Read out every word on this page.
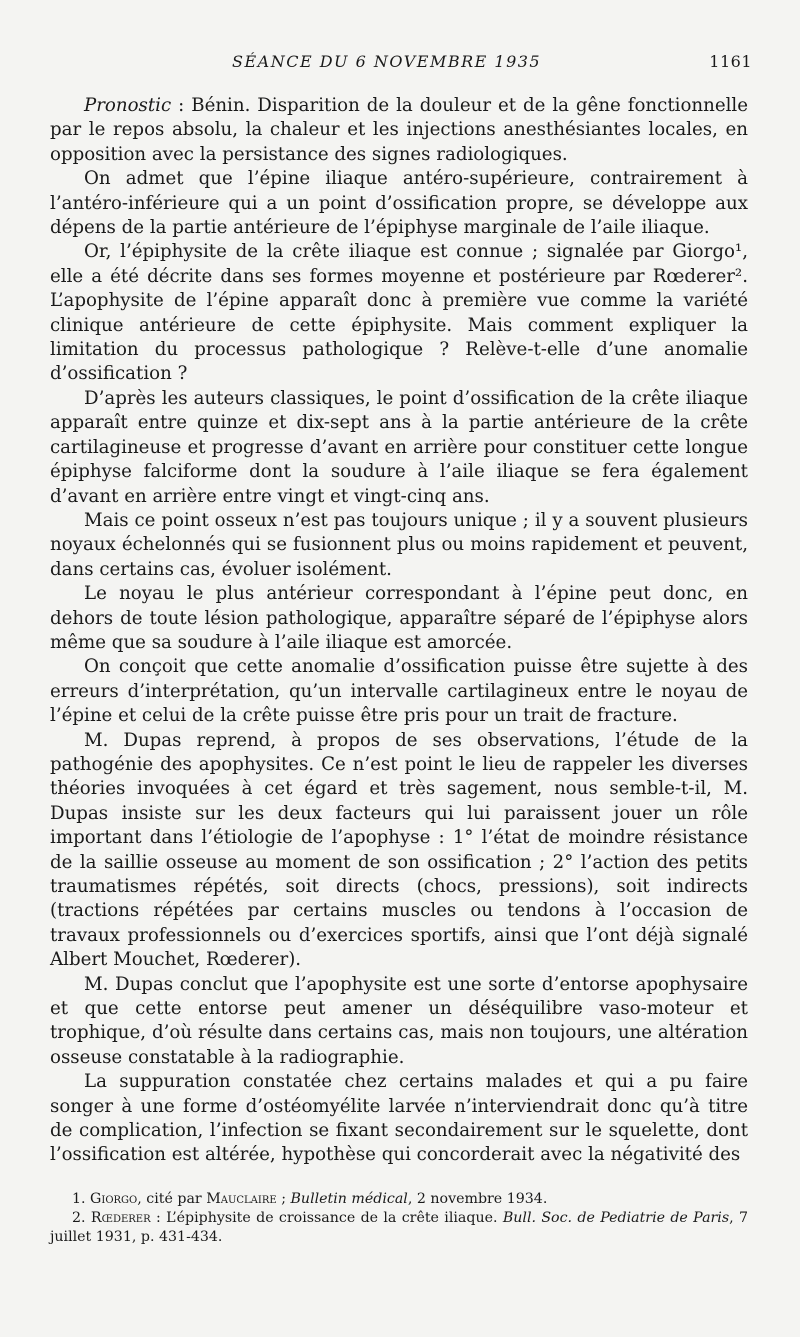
SÉANCE DU 6 NOVEMBRE 1935	1161

Pronostic : Bénin. Disparition de la douleur et de la gêne fonctionnelle par le repos absolu, la chaleur et les injections anesthésiantes locales, en opposition avec la persistance des signes radiologiques.

On admet que l’épine iliaque antéro-supérieure, contrairement à l’antéro-inférieure qui a un point d’ossification propre, se développe aux dépens de la partie antérieure de l’épiphyse marginale de l’aile iliaque.

Or, l’épiphysite de la crête iliaque est connue ; signalée par Giorgo¹, elle a été décrite dans ses formes moyenne et postérieure par Rœderer². L’apophysite de l’épine apparaît donc à première vue comme la variété clinique antérieure de cette épiphysite. Mais comment expliquer la limitation du processus pathologique ? Relève-t-elle d’une anomalie d’ossification ?

D’après les auteurs classiques, le point d’ossification de la crête iliaque apparaît entre quinze et dix-sept ans à la partie antérieure de la crête cartilagineuse et progresse d’avant en arrière pour constituer cette longue épiphyse falciforme dont la soudure à l’aile iliaque se fera également d’avant en arrière entre vingt et vingt-cinq ans.

Mais ce point osseux n’est pas toujours unique ; il y a souvent plusieurs noyaux échelonnés qui se fusionnent plus ou moins rapidement et peuvent, dans certains cas, évoluer isolément.

Le noyau le plus antérieur correspondant à l’épine peut donc, en dehors de toute lésion pathologique, apparaître séparé de l’épiphyse alors même que sa soudure à l’aile iliaque est amorcée.

On conçoit que cette anomalie d’ossification puisse être sujette à des erreurs d’interprétation, qu’un intervalle cartilagineux entre le noyau de l’épine et celui de la crête puisse être pris pour un trait de fracture.

M. Dupas reprend, à propos de ses observations, l’étude de la pathogénie des apophysites. Ce n’est point le lieu de rappeler les diverses théories invoquées à cet égard et très sagement, nous semble-t-il, M. Dupas insiste sur les deux facteurs qui lui paraissent jouer un rôle important dans l’étiologie de l’apophyse : 1° l’état de moindre résistance de la saillie osseuse au moment de son ossification ; 2° l’action des petits traumatismes répétés, soit directs (chocs, pressions), soit indirects (tractions répétées par certains muscles ou tendons à l’occasion de travaux professionnels ou d’exercices sportifs, ainsi que l’ont déjà signalé Albert Mouchet, Rœderer).

M. Dupas conclut que l’apophysite est une sorte d’entorse apophysaire et que cette entorse peut amener un déséquilibre vaso-moteur et trophique, d’où résulte dans certains cas, mais non toujours, une altération osseuse constatable à la radiographie.

La suppuration constatée chez certains malades et qui a pu faire songer à une forme d’ostéomyélite larvée n’interviendrait donc qu’à titre de complication, l’infection se fixant secondairement sur le squelette, dont l’ossification est altérée, hypothèse qui concorderait avec la négativité des

1. Giorgo, cité par Mauclaire ; Bulletin médical, 2 novembre 1934.

2. Rœderer : L’épiphysite de croissance de la crête iliaque. Bull. Soc. de Pediatrie de Paris, 7 juillet 1931, p. 431-434.
